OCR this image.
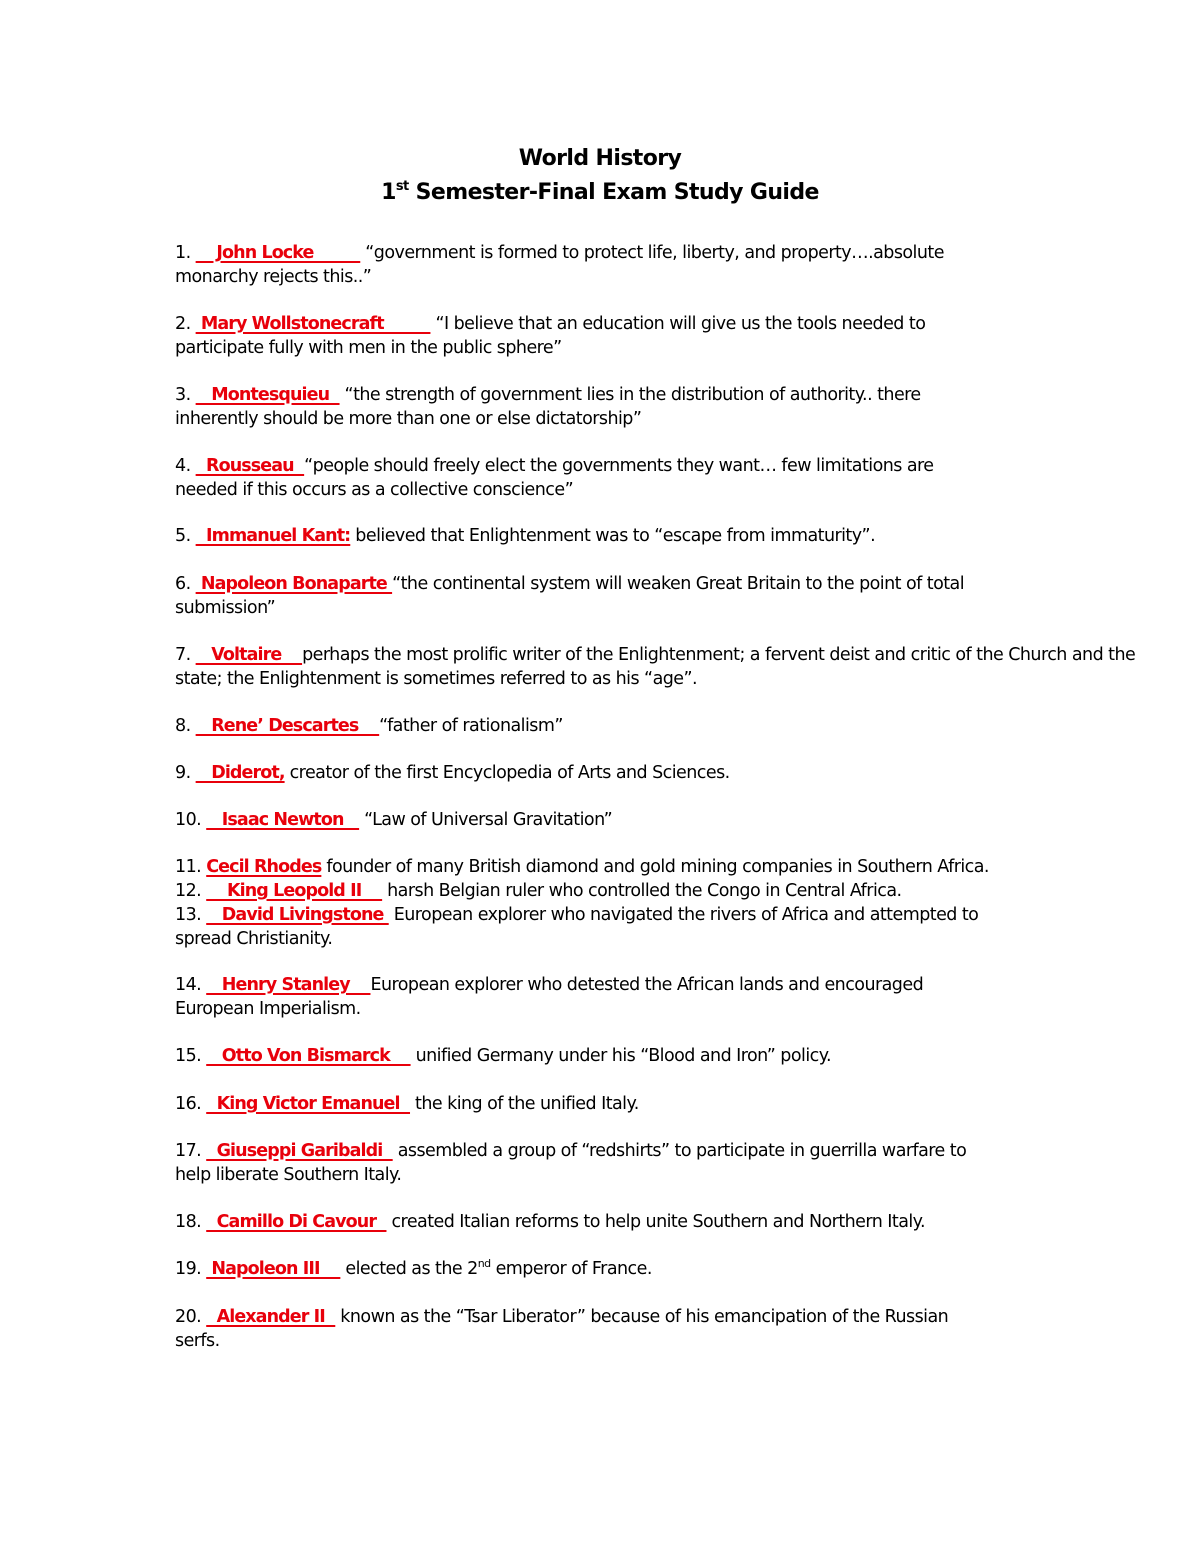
World History
1st Semester-Final Exam Study Guide
1.     John Locke          “government is formed to protect life, liberty, and property….absolute
monarchy rejects this..”
2.  Mary Wollstonecraft          “I believe that an education will give us the tools needed to
participate fully with men in the public sphere”
3.    Montesquieu   “the strength of government lies in the distribution of authority.. there
inherently should be more than one or else dictatorship”
4.   Rousseau  “people should freely elect the governments they want… few limitations are
needed if this occurs as a collective conscience”
5.   Immanuel Kant: believed that Enlightenment was to “escape from immaturity”.
6.  Napoleon Bonaparte “the continental system will weaken Great Britain to the point of total
submission”
7.    Voltaire    perhaps the most prolific writer of the Enlightenment; a fervent deist and critic of the Church and the
state; the Enlightenment is sometimes referred to as his “age”.
8.    Rene’ Descartes    “father of rationalism”
9.    Diderot, creator of the first Encyclopedia of Arts and Sciences.
10.    Isaac Newton    “Law of Universal Gravitation”
11. Cecil Rhodes founder of many British diamond and gold mining companies in Southern Africa.
12.     King Leopold II     harsh Belgian ruler who controlled the Congo in Central Africa.
13.    David Livingstone  European explorer who navigated the rivers of Africa and attempted to
spread Christianity.
14.    Henry Stanley    European explorer who detested the African lands and encouraged
European Imperialism.
15.    Otto Von Bismarck     unified Germany under his “Blood and Iron” policy.
16.   King Victor Emanuel   the king of the unified Italy.
17.   Giuseppi Garibaldi   assembled a group of “redshirts” to participate in guerrilla warfare to
help liberate Southern Italy.
18.   Camillo Di Cavour   created Italian reforms to help unite Southern and Northern Italy.
19.  Napoleon III     elected as the 2nd emperor of France.
20.   Alexander II   known as the “Tsar Liberator” because of his emancipation of the Russian
serfs.
